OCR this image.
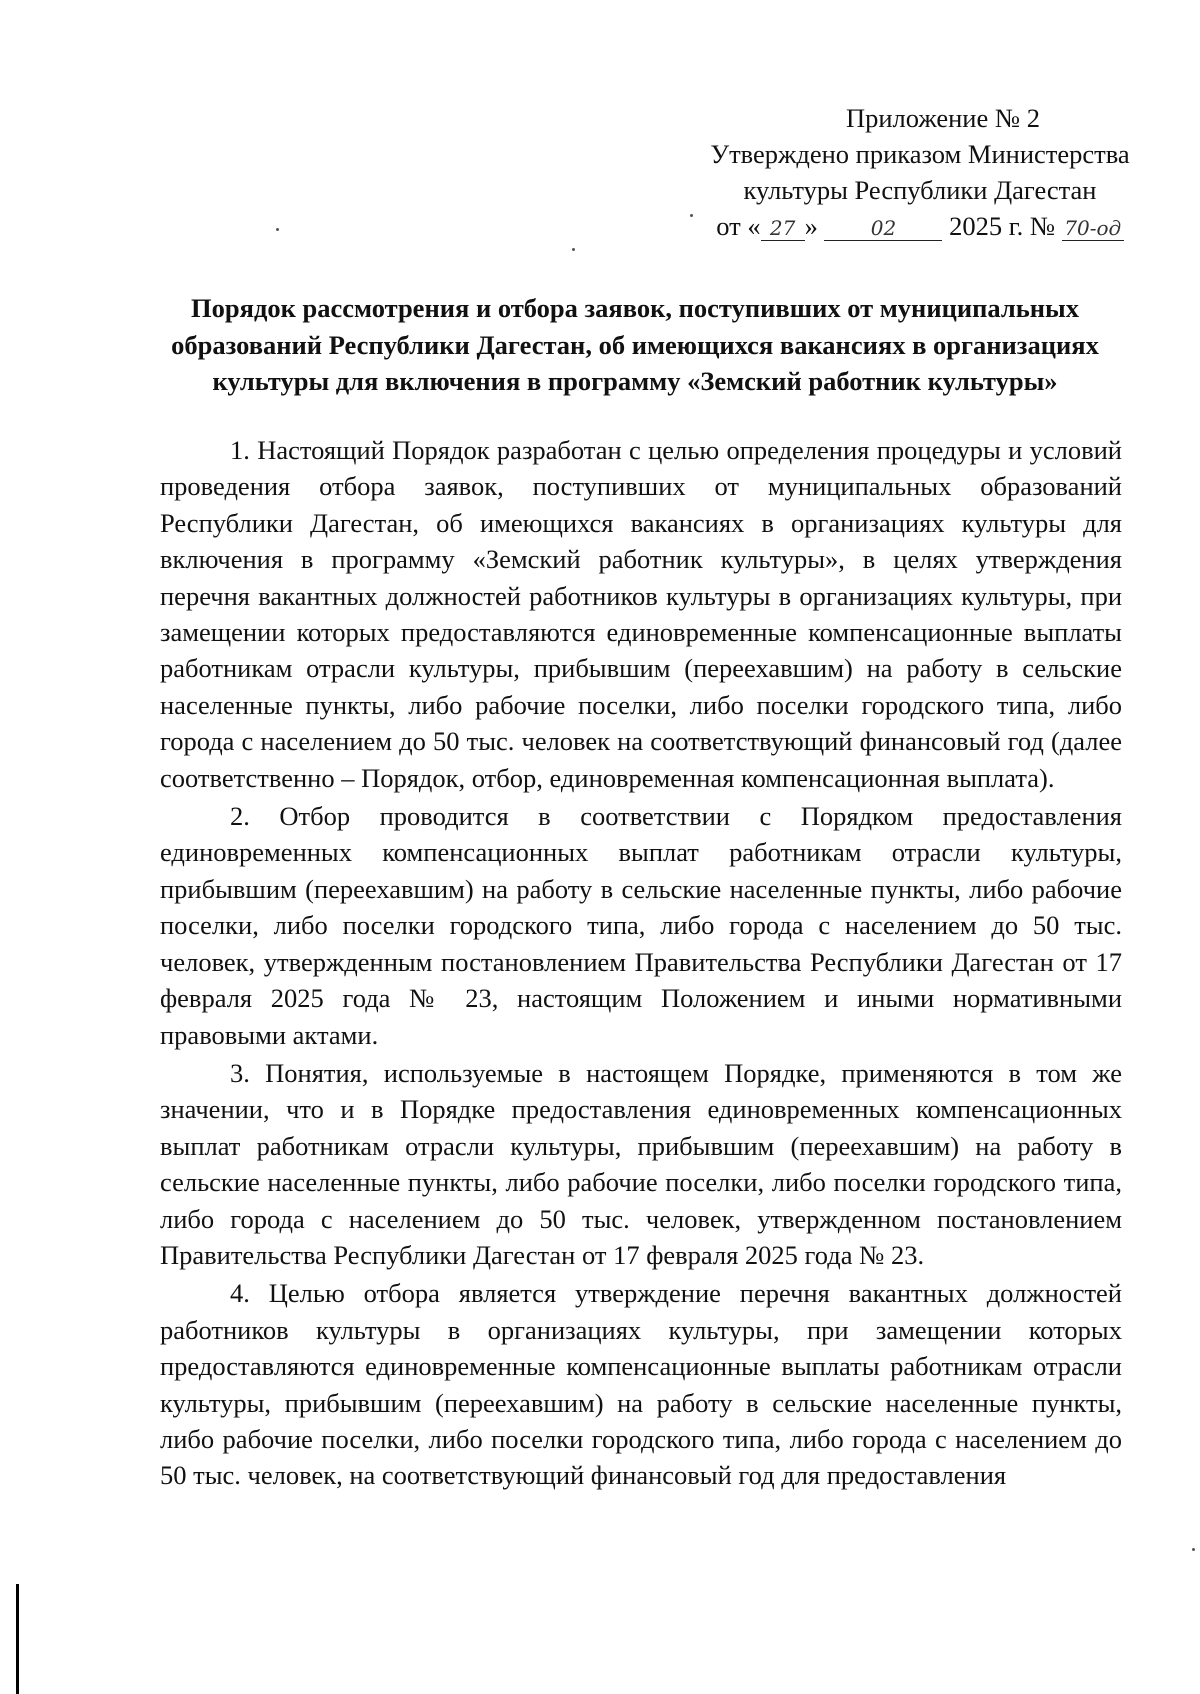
Приложение № 2
Утверждено приказом Министерства
культуры Республики Дагестан
от « 27 »	02 2025 г. № 70-од
Порядок рассмотрения и отбора заявок, поступивших от муниципальных образований Республики Дагестан, об имеющихся вакансиях в организациях культуры для включения в программу «Земский работник культуры»

1. Настоящий Порядок разработан с целью определения процедуры и условий проведения отбора заявок, поступивших от муниципальных образований Республики Дагестан, об имеющихся вакансиях в организациях культуры для включения в программу «Земский работник культуры», в целях утверждения перечня вакантных должностей работников культуры в организациях культуры, при замещении которых предоставляются единовременные компенсационные выплаты работникам отрасли культуры, прибывшим (переехавшим) на работу в сельские населенные пункты, либо рабочие поселки, либо поселки городского типа, либо города с населением до 50 тыс. человек на соответствующий финансовый год (далее соответственно – Порядок, отбор, единовременная компенсационная выплата).

2. Отбор проводится в соответствии с Порядком предоставления единовременных компенсационных выплат работникам отрасли культуры, прибывшим (переехавшим) на работу в сельские населенные пункты, либо рабочие поселки, либо поселки городского типа, либо города с населением до 50 тыс. человек, утвержденным постановлением Правительства Республики Дагестан от 17 февраля 2025 года № 23, настоящим Положением и иными нормативными правовыми актами.

3. Понятия, используемые в настоящем Порядке, применяются в том же значении, что и в Порядке предоставления единовременных компенсационных выплат работникам отрасли культуры, прибывшим (переехавшим) на работу в сельские населенные пункты, либо рабочие поселки, либо поселки городского типа, либо города с населением до 50 тыс. человек, утвержденном постановлением Правительства Республики Дагестан от 17 февраля 2025 года № 23.

4. Целью отбора является утверждение перечня вакантных должностей работников культуры в организациях культуры, при замещении которых предоставляются единовременные компенсационные выплаты работникам отрасли культуры, прибывшим (переехавшим) на работу в сельские населенные пункты, либо рабочие поселки, либо поселки городского типа, либо города с населением до 50 тыс. человек, на соответствующий финансовый год для предоставления
